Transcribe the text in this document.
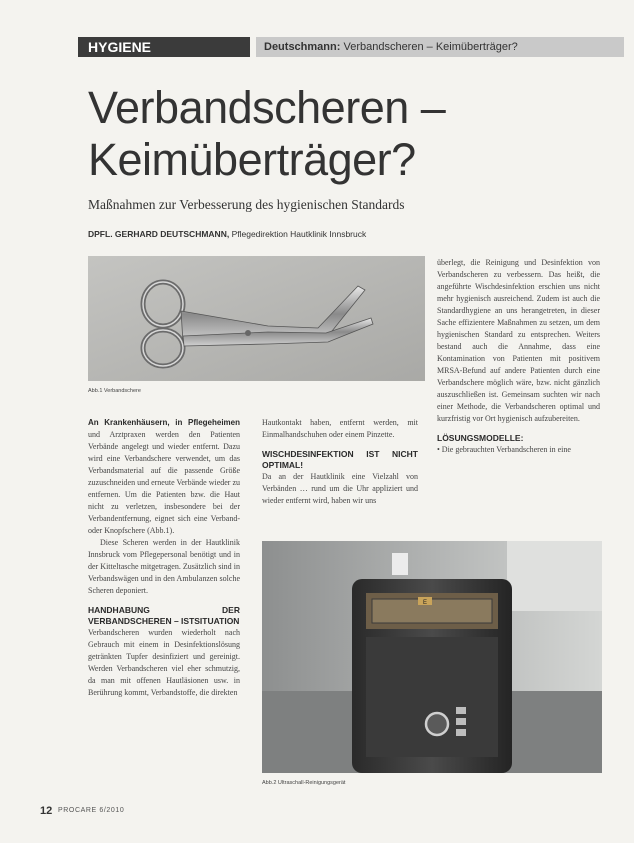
HYGIENE	Deutschmann: Verbandscheren – Keimüberträger?
Verbandscheren –
Keimüberträger?
Maßnahmen zur Verbesserung des hygienischen Standards
DPFL. GERHARD DEUTSCHMANN, Pflegedirektion Hautklinik Innsbruck
Abb.1 Verbandschere

An Krankenhäusern, in Pflegeheimen und Arztpraxen werden den Patienten Verbände angelegt und wieder entfernt. Dazu wird eine Verbandschere verwendet, um das Verbandsmaterial auf die passende Größe zuzuschneiden und erneute Verbände wieder zu entfernen. Um die Patienten bzw. die Haut nicht zu verletzen, insbesondere bei der Verbandentfernung, eignet sich eine Verband- oder Knopfschere (Abb.1).

Diese Scheren werden in der Hautklinik Innsbruck vom Pflegepersonal benötigt und in der Kitteltasche mitgetragen. Zusätzlich sind in Verbandswägen und in den Ambulanzen solche Scheren deponiert.

HANDHABUNG DER VERBANDSCHEREN – ISTSITUATION

Verbandscheren wurden wiederholt nach Gebrauch mit einem in Desinfektionslösung getränkten Tupfer desinfiziert und gereinigt. Werden Verbandscheren viel eher schmutzig, da man mit offenen Hautläsionen usw. in Berührung kommt, Verbandstoffe, die direkten

Hautkontakt haben, entfernt werden, mit Einmalhandschuhen oder einem Pinzette.

WISCHDESINFEKTION IST NICHT OPTIMAL!

Da an der Hautklinik eine Vielzahl von Verbänden … rund um die Uhr appliziert und wieder entfernt wird, haben wir uns

überlegt, die Reinigung und Desinfektion von Verbandscheren zu verbessern. Das heißt, die angeführte Wischdesinfektion erschien uns nicht mehr hygienisch ausreichend. Zudem ist auch die Standardhygiene an uns herangetreten, in dieser Sache effizientere Maßnahmen zu setzen, um dem hygienischen Standard zu entsprechen. Weiters bestand auch die Annahme, dass eine Kontamination von Patienten mit positivem MRSA-Befund auf andere Patienten durch eine Verbandschere möglich wäre, bzw. nicht gänzlich auszuschließen ist. Gemeinsam suchten wir nach einer Methode, die Verbandscheren optimal und kurzfristig vor Ort hygienisch aufzubereiten.

LÖSUNGSMODELLE:

• Die gebrauchten Verbandscheren in eine

E
Abb.2 Ultraschall-Reinigungsgerät
12 PROCARE 6/2010
